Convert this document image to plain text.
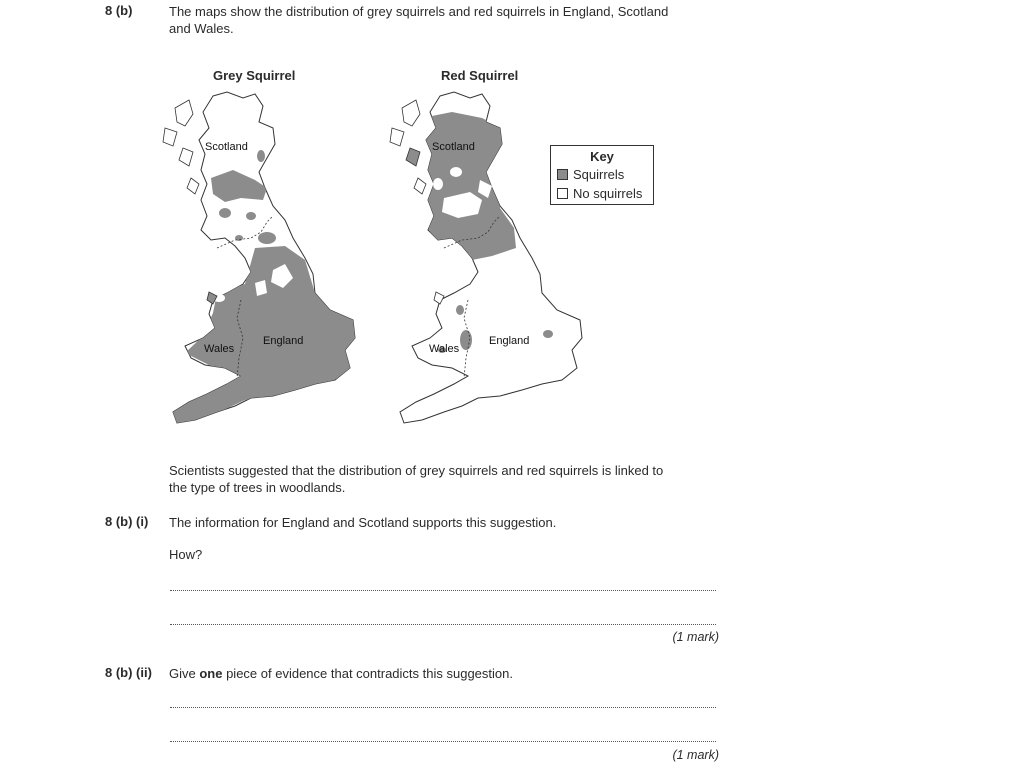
8 (b)	The maps show the distribution of grey squirrels and red squirrels in England, Scotland
and Wales.
Grey Squirrel	Red Squirrel
Scotland
England
Wales
Scotland
England
Wales
Key
Squirrels
No squirrels
Scientists suggested that the distribution of grey squirrels and red squirrels is linked to
the type of trees in woodlands.
8 (b) (i) The information for England and Scotland supports this suggestion.
How?
(1 mark)
8 (b) (ii) Give one piece of evidence that contradicts this suggestion.
(1 mark)
